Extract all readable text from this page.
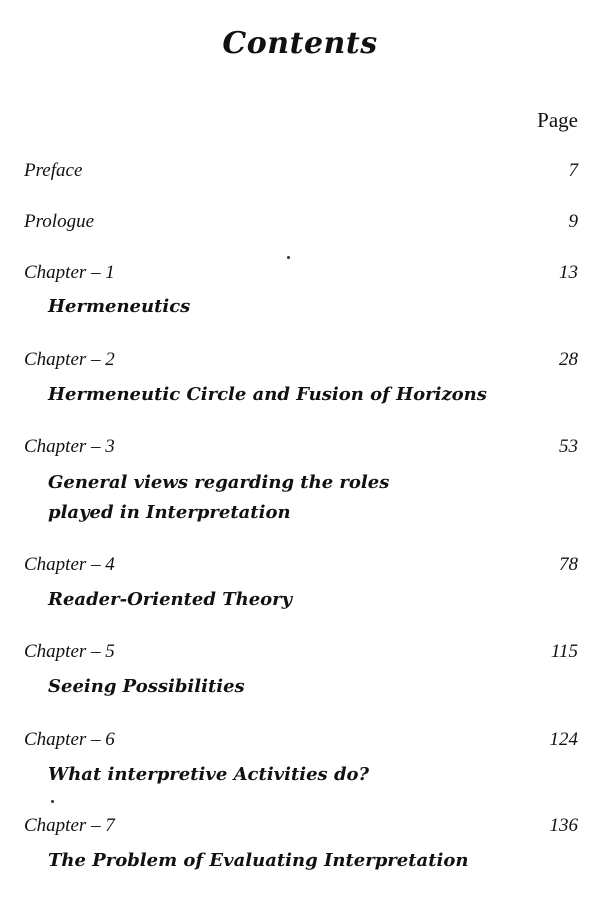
Contents
Page
Preface	7
Prologue	9
Chapter – 1	13
Hermeneutics
Chapter – 2	28
Hermeneutic Circle and Fusion of Horizons
Chapter – 3	53
General views regarding the roles
played in Interpretation
Chapter – 4	78
Reader-Oriented Theory
Chapter – 5	115
Seeing Possibilities
Chapter – 6	124
What interpretive Activities do?
Chapter – 7	136
The Problem of Evaluating Interpretation
